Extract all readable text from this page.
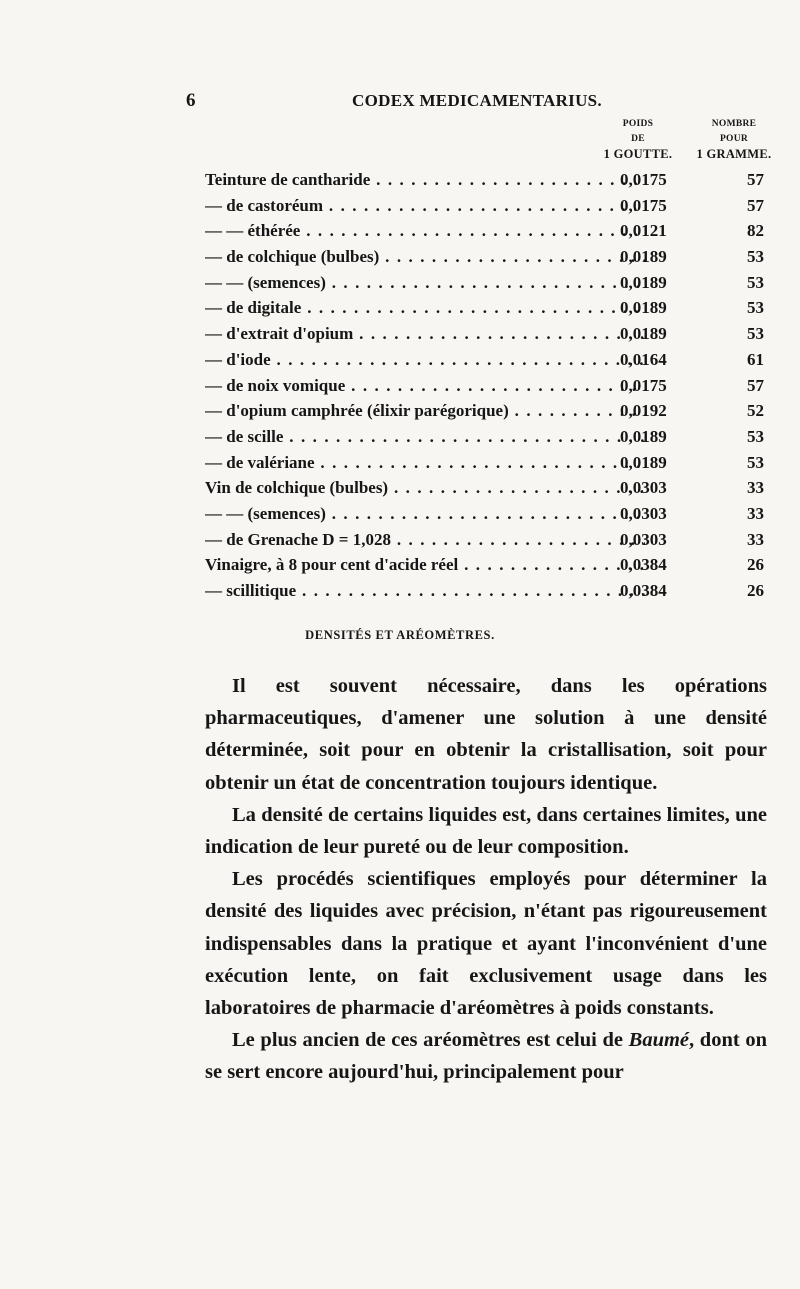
6	CODEX MEDICAMENTARIUS.
POIDS
DE
1 GOUTTE.
NOMBRE
POUR
1 GRAMME.
Teinture de cantharide . . .	0,0175	57
— de castoréum . . .	0,0175	57
— — éthérée . . .	0,0121	82
— de colchique (bulbes) . . .	0,0189	53
— — (semences) . . .	0,0189	53
— de digitale . . .	0,0189	53
— d'extrait d'opium . . .	0,0189	53
— d'iode . . .	0,0164	61
— de noix vomique . . .	0,0175	57
— d'opium camphrée (élixir parégorique) . . .	0,0192	52
— de scille . . .	0,0189	53
— de valériane . . .	0,0189	53
Vin de colchique (bulbes) . . .	0,0303	33
— — (semences) . . .	0,0303	33
— de Grenache D = 1,028 . . .	0,0303	33
Vinaigre, à 8 pour cent d'acide réel . . .	0,0384	26
— scillitique . . .	0,0384	26
DENSITÉS ET ARÉOMÈTRES.

Il est souvent nécessaire, dans les opérations pharmaceutiques, d'amener une solution à une densité déterminée, soit pour en obtenir la cristallisation, soit pour obtenir un état de concentration toujours identique.

La densité de certains liquides est, dans certaines limites, une indication de leur pureté ou de leur composition.

Les procédés scientifiques employés pour déterminer la densité des liquides avec précision, n'étant pas rigoureusement indispensables dans la pratique et ayant l'inconvénient d'une exécution lente, on fait exclusivement usage dans les laboratoires de pharmacie d'aréomètres à poids constants.

Le plus ancien de ces aréomètres est celui de Baumé, dont on se sert encore aujourd'hui, principalement pour
